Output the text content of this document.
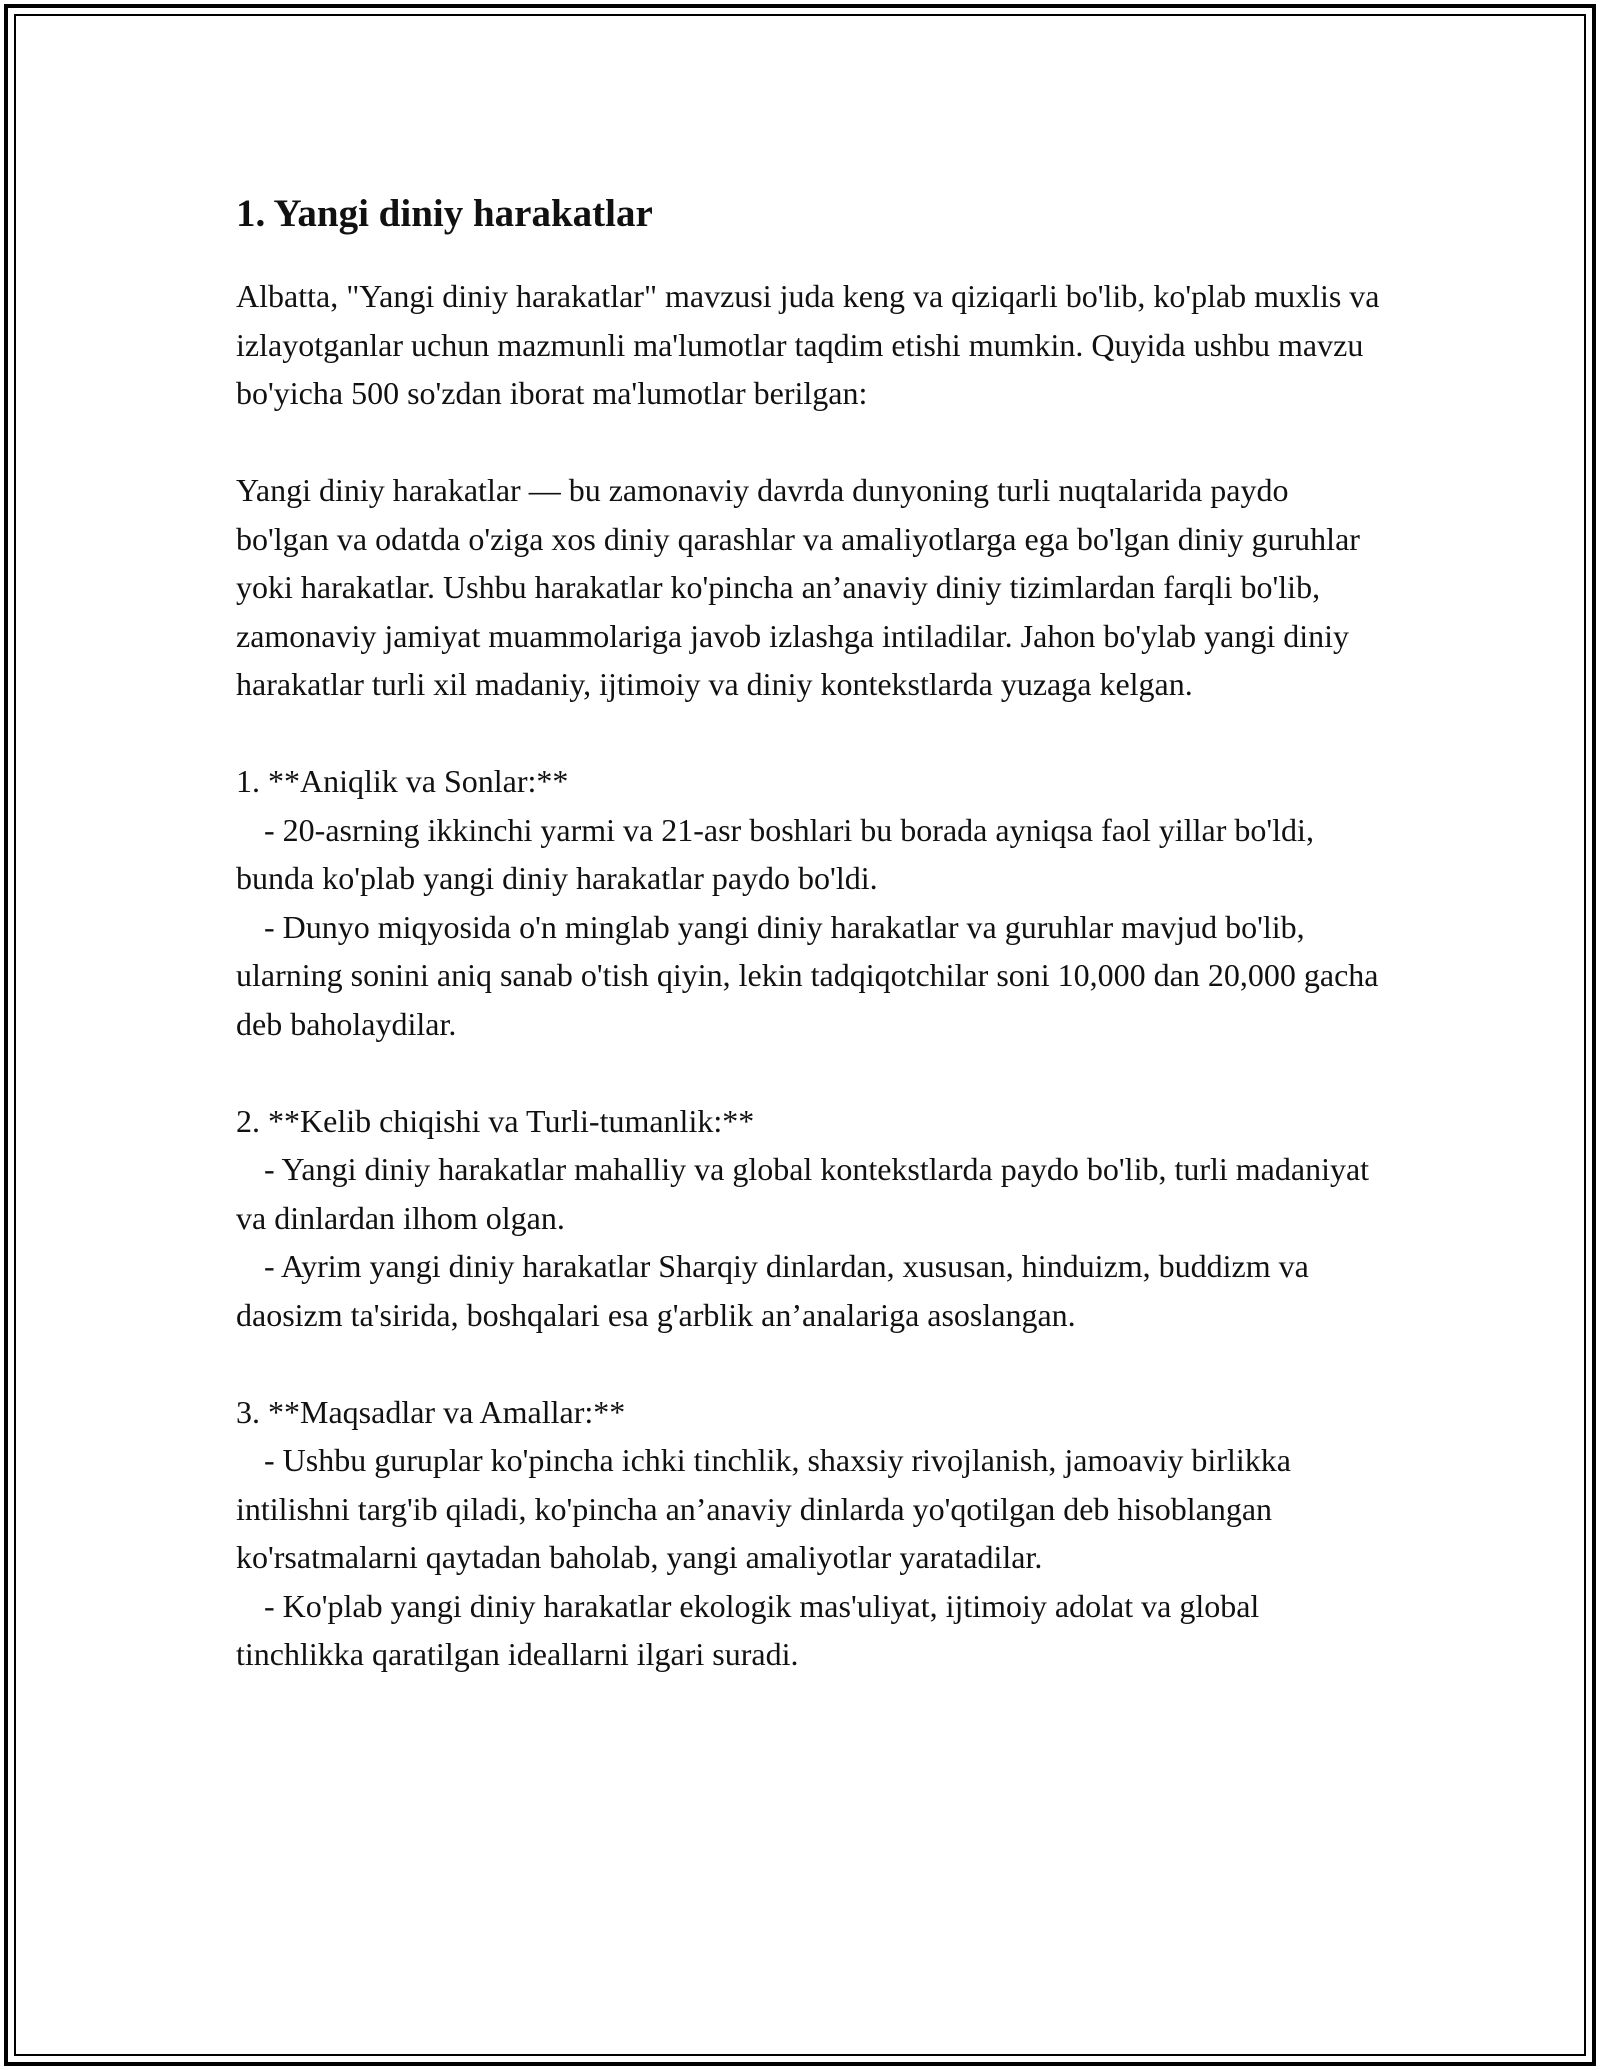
1. Yangi diniy harakatlar

Albatta, "Yangi diniy harakatlar" mavzusi juda keng va qiziqarli bo'lib, ko'plab muxlis va izlayotganlar uchun mazmunli ma'lumotlar taqdim etishi mumkin. Quyida ushbu mavzu bo'yicha 500 so'zdan iborat ma'lumotlar berilgan:

Yangi diniy harakatlar — bu zamonaviy davrda dunyoning turli nuqtalarida paydo bo'lgan va odatda o'ziga xos diniy qarashlar va amaliyotlarga ega bo'lgan diniy guruhlar yoki harakatlar. Ushbu harakatlar ko'pincha an’anaviy diniy tizimlardan farqli bo'lib, zamonaviy jamiyat muammolariga javob izlashga intiladilar. Jahon bo'ylab yangi diniy harakatlar turli xil madaniy, ijtimoiy va diniy kontekstlarda yuzaga kelgan.

1. **Aniqlik va Sonlar:**

- 20-asrning ikkinchi yarmi va 21-asr boshlari bu borada ayniqsa faol yillar bo'ldi, bunda ko'plab yangi diniy harakatlar paydo bo'ldi.

- Dunyo miqyosida o'n minglab yangi diniy harakatlar va guruhlar mavjud bo'lib, ularning sonini aniq sanab o'tish qiyin, lekin tadqiqotchilar soni 10,000 dan 20,000 gacha deb baholaydilar.

2. **Kelib chiqishi va Turli-tumanlik:**

- Yangi diniy harakatlar mahalliy va global kontekstlarda paydo bo'lib, turli madaniyat va dinlardan ilhom olgan.

- Ayrim yangi diniy harakatlar Sharqiy dinlardan, xususan, hinduizm, buddizm va daosizm ta'sirida, boshqalari esa g'arblik an’analariga asoslangan.

3. **Maqsadlar va Amallar:**

- Ushbu guruplar ko'pincha ichki tinchlik, shaxsiy rivojlanish, jamoaviy birlikka intilishni targ'ib qiladi, ko'pincha an’anaviy dinlarda yo'qotilgan deb hisoblangan ko'rsatmalarni qaytadan baholab, yangi amaliyotlar yaratadilar.

- Ko'plab yangi diniy harakatlar ekologik mas'uliyat, ijtimoiy adolat va global tinchlikka qaratilgan ideallarni ilgari suradi.
